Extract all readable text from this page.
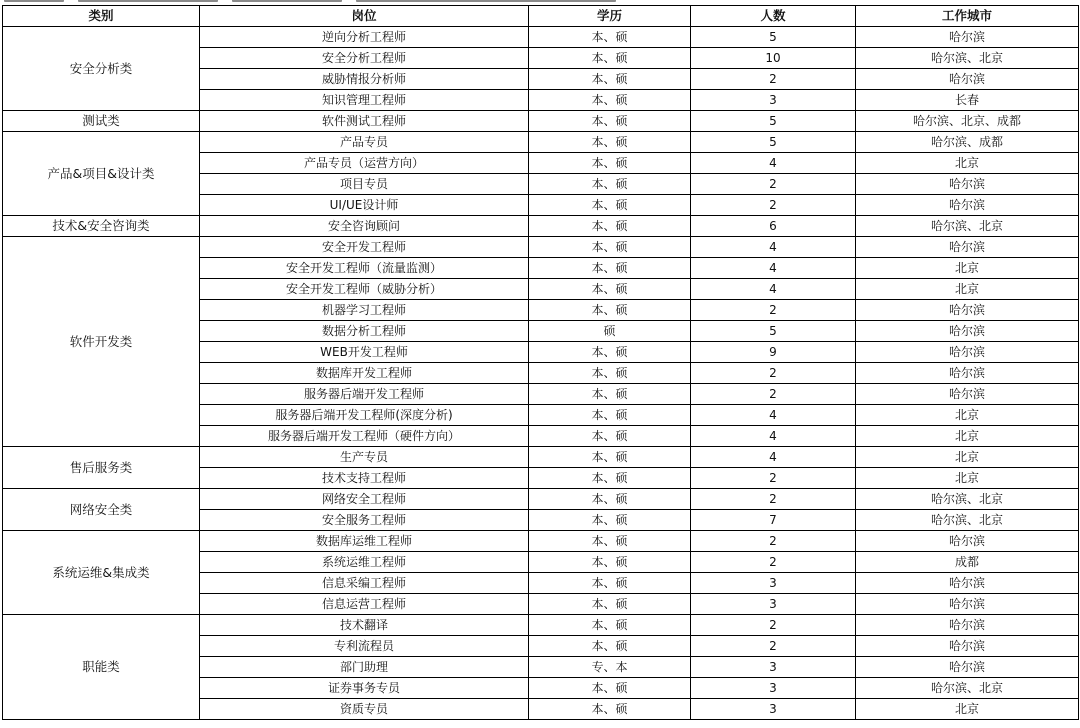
类别	岗位	学历	人数	工作城市
安全分析类	逆向分析工程师	本、硕	5	哈尔滨
	安全分析工程师	本、硕	10	哈尔滨、北京
	威胁情报分析师	本、硕	2	哈尔滨
	知识管理工程师	本、硕	3	长春
测试类	软件测试工程师	本、硕	5	哈尔滨、北京、成都
产品&项目&设计类	产品专员	本、硕	5	哈尔滨、成都
	产品专员（运营方向）	本、硕	4	北京
	项目专员	本、硕	2	哈尔滨
	UI/UE设计师	本、硕	2	哈尔滨
技术&安全咨询类	安全咨询顾问	本、硕	6	哈尔滨、北京
软件开发类	安全开发工程师	本、硕	4	哈尔滨
	安全开发工程师（流量监测）	本、硕	4	北京
	安全开发工程师（威胁分析）	本、硕	4	北京
	机器学习工程师	本、硕	2	哈尔滨
	数据分析工程师	硕	5	哈尔滨
	WEB开发工程师	本、硕	9	哈尔滨
	数据库开发工程师	本、硕	2	哈尔滨
	服务器后端开发工程师	本、硕	2	哈尔滨
	服务器后端开发工程师(深度分析)	本、硕	4	北京
	服务器后端开发工程师（硬件方向）	本、硕	4	北京
售后服务类	生产专员	本、硕	4	北京
	技术支持工程师	本、硕	2	北京
网络安全类	网络安全工程师	本、硕	2	哈尔滨、北京
	安全服务工程师	本、硕	7	哈尔滨、北京
系统运维&集成类	数据库运维工程师	本、硕	2	哈尔滨
	系统运维工程师	本、硕	2	成都
	信息采编工程师	本、硕	3	哈尔滨
	信息运营工程师	本、硕	3	哈尔滨
职能类	技术翻译	本、硕	2	哈尔滨
	专利流程员	本、硕	2	哈尔滨
	部门助理	专、本	3	哈尔滨
	证券事务专员	本、硕	3	哈尔滨、北京
	资质专员	本、硕	3	北京
